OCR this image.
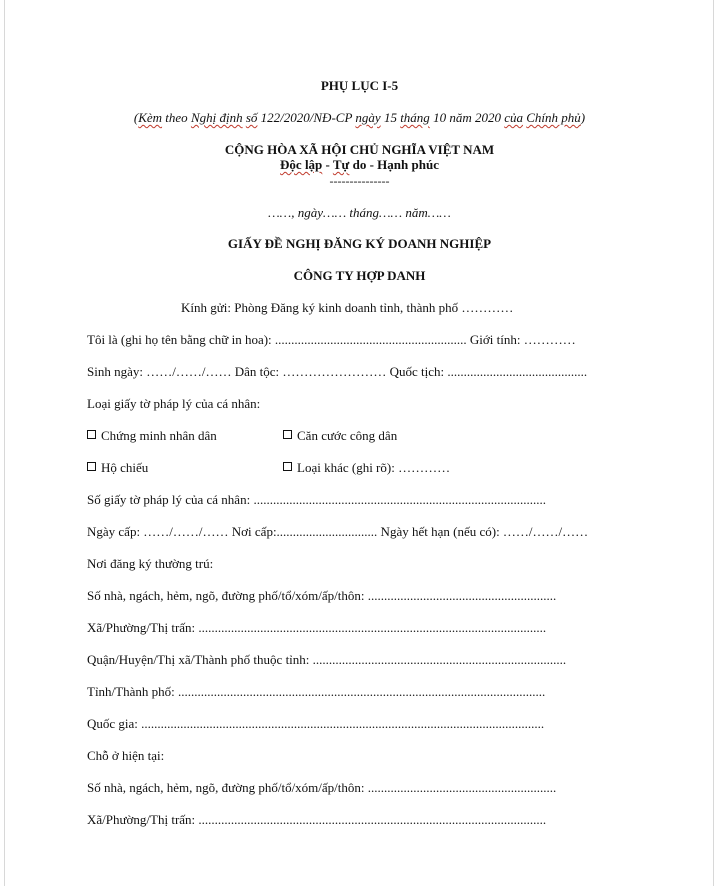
PHỤ LỤC I-5
(Kèm theo Nghị định số 122/2020/NĐ-CP ngày 15 tháng 10 năm 2020 của Chính phủ)
CỘNG HÒA XÃ HỘI CHỦ NGHĨA VIỆT NAM
Độc lập - Tự do - Hạnh phúc
---------------
……, ngày…… tháng…… năm……
GIẤY ĐỀ NGHỊ ĐĂNG KÝ DOANH NGHIỆP
CÔNG TY HỢP DANH
Kính gửi: Phòng Đăng ký kinh doanh tỉnh, thành phố …………
Tôi là (ghi họ tên bằng chữ in hoa): ........................................................... Giới tính: …………
Sinh ngày: ……/……/…… Dân tộc: …………………… Quốc tịch: ...........................................
Loại giấy tờ pháp lý của cá nhân:
Chứng minh nhân dân	Căn cước công dân
Hộ chiếu	Loại khác (ghi rõ): …………
Số giấy tờ pháp lý của cá nhân: ..........................................................................................
Ngày cấp: ……/……/…… Nơi cấp:............................... Ngày hết hạn (nếu có): ……/……/……
Nơi đăng ký thường trú:
Số nhà, ngách, hẻm, ngõ, đường phố/tổ/xóm/ấp/thôn: ..........................................................
Xã/Phường/Thị trấn: ...........................................................................................................
Quận/Huyện/Thị xã/Thành phố thuộc tỉnh: ..............................................................................
Tỉnh/Thành phố: .................................................................................................................
Quốc gia: ............................................................................................................................
Chỗ ở hiện tại:
Số nhà, ngách, hẻm, ngõ, đường phố/tổ/xóm/ấp/thôn: ..........................................................
Xã/Phường/Thị trấn: ...........................................................................................................
